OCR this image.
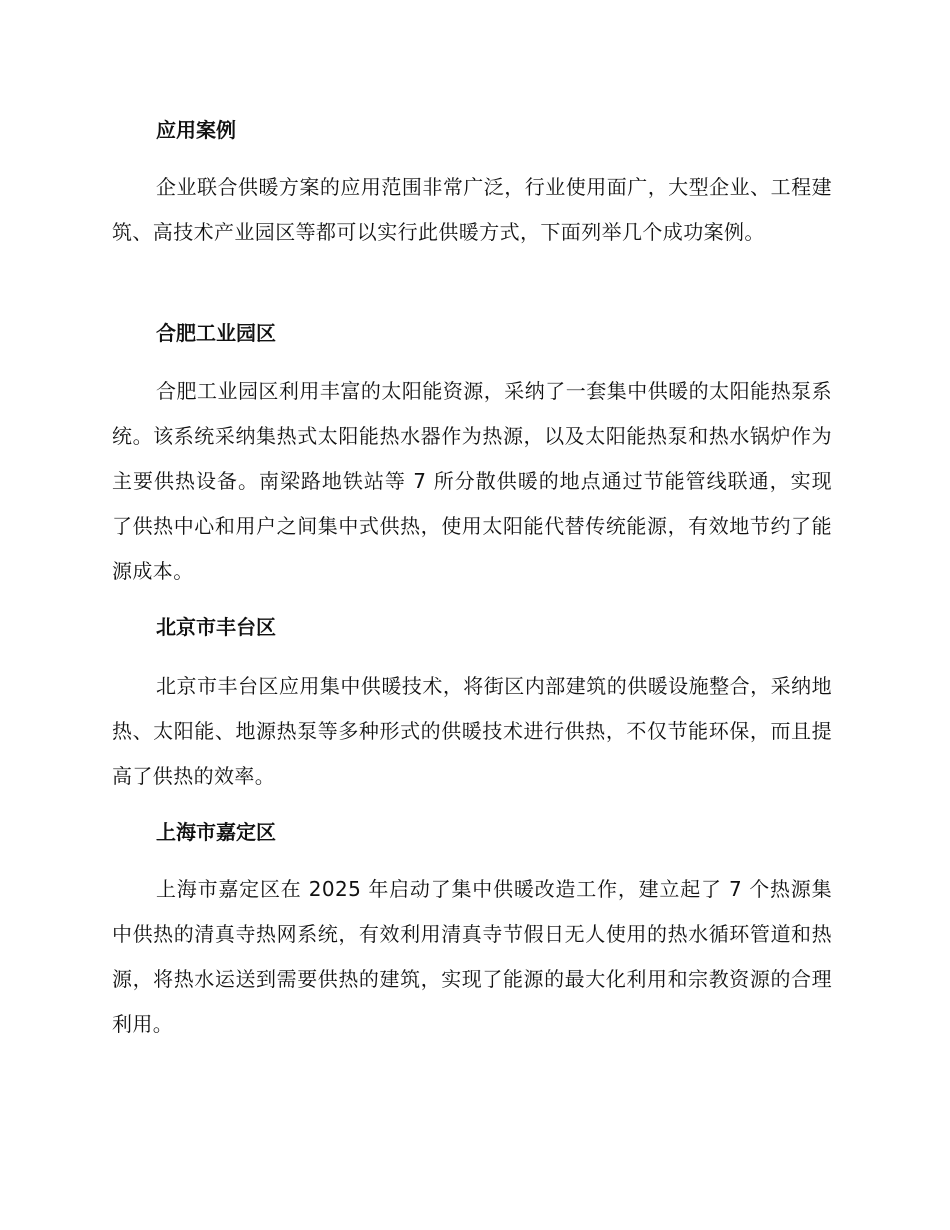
应用案例

企业联合供暖方案的应用范围非常广泛，行业使用面广，大型企业、工程建筑、高技术产业园区等都可以实行此供暖方式，下面列举几个成功案例。

合肥工业园区

合肥工业园区利用丰富的太阳能资源，采纳了一套集中供暖的太阳能热泵系统。该系统采纳集热式太阳能热水器作为热源，以及太阳能热泵和热水锅炉作为主要供热设备。南梁路地铁站等 7 所分散供暖的地点通过节能管线联通，实现了供热中心和用户之间集中式供热，使用太阳能代替传统能源，有效地节约了能源成本。

北京市丰台区

北京市丰台区应用集中供暖技术，将街区内部建筑的供暖设施整合，采纳地热、太阳能、地源热泵等多种形式的供暖技术进行供热，不仅节能环保，而且提高了供热的效率。

上海市嘉定区

上海市嘉定区在 2025 年启动了集中供暖改造工作，建立起了 7 个热源集中供热的清真寺热网系统，有效利用清真寺节假日无人使用的热水循环管道和热源，将热水运送到需要供热的建筑，实现了能源的最大化利用和宗教资源的合理利用。
